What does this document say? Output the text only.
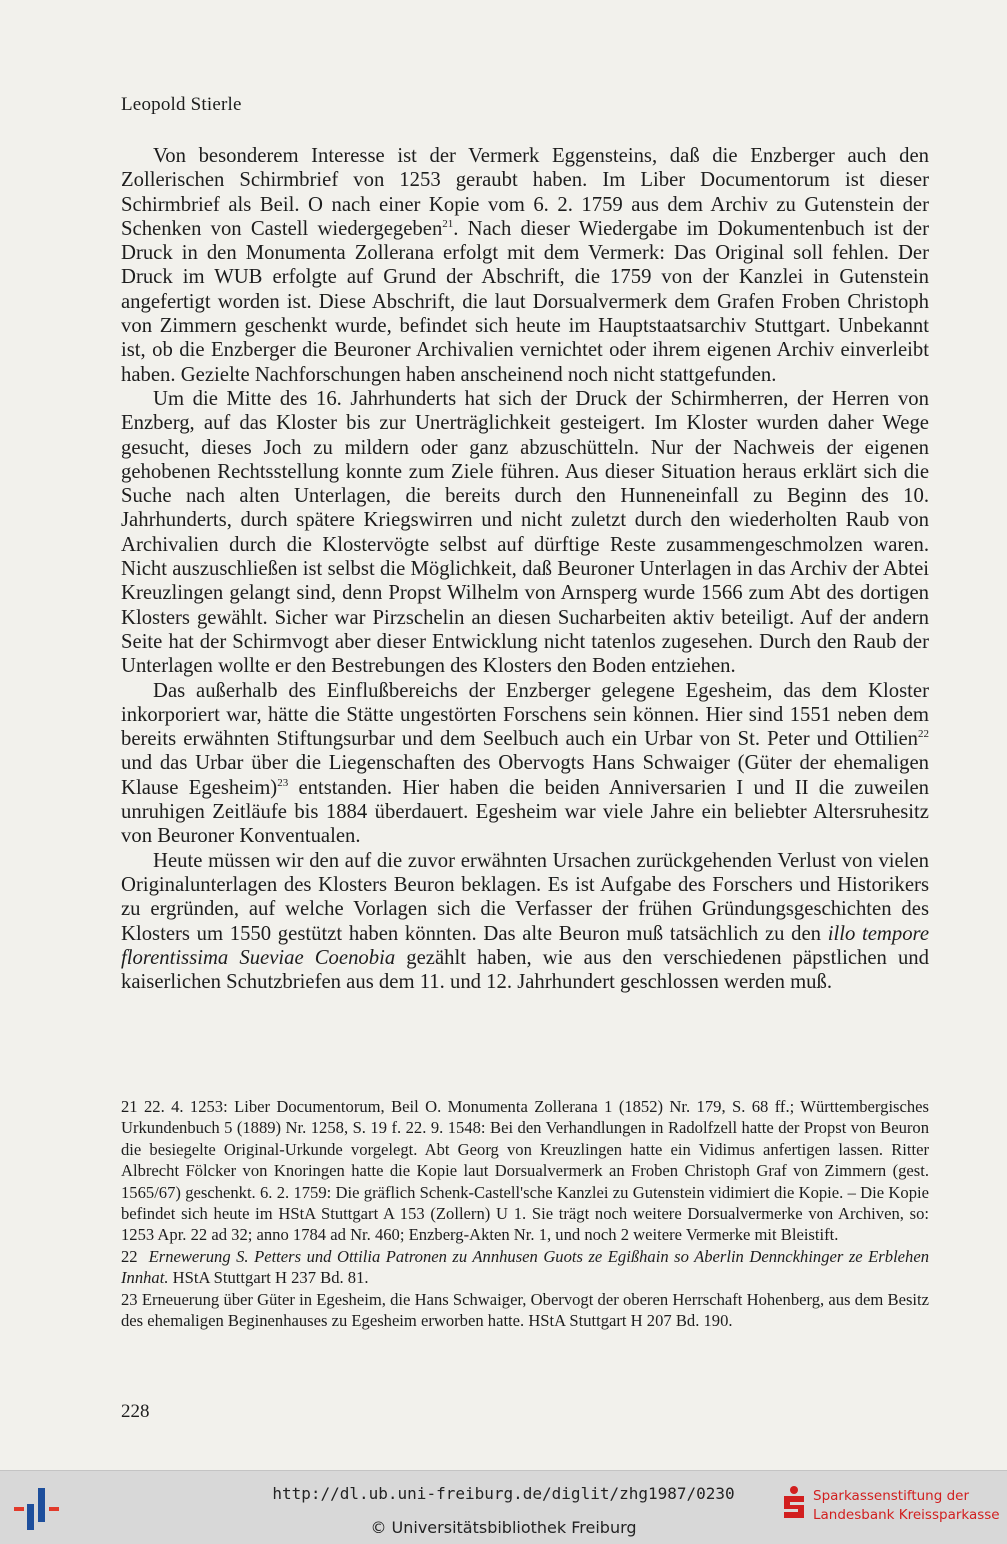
Leopold Stierle

Von besonderem Interesse ist der Vermerk Eggensteins, daß die Enzberger auch den Zollerischen Schirmbrief von 1253 geraubt haben. Im Liber Documentorum ist dieser Schirmbrief als Beil. O nach einer Kopie vom 6. 2. 1759 aus dem Archiv zu Gutenstein der Schenken von Castell wiedergegeben$^{21}$. Nach dieser Wiedergabe im Dokumentenbuch ist der Druck in den Monumenta Zollerana erfolgt mit dem Vermerk: Das Original soll fehlen. Der Druck im WUB erfolgte auf Grund der Abschrift, die 1759 von der Kanzlei in Gutenstein angefertigt worden ist. Diese Abschrift, die laut Dorsualvermerk dem Grafen Froben Christoph von Zimmern geschenkt wurde, befindet sich heute im Hauptstaatsarchiv Stuttgart. Unbekannt ist, ob die Enzberger die Beuroner Archivalien vernichtet oder ihrem eigenen Archiv einverleibt haben. Gezielte Nachforschungen haben anscheinend noch nicht stattgefunden.

Um die Mitte des 16. Jahrhunderts hat sich der Druck der Schirmherren, der Herren von Enzberg, auf das Kloster bis zur Unerträglichkeit gesteigert. Im Kloster wurden daher Wege gesucht, dieses Joch zu mildern oder ganz abzuschütteln. Nur der Nachweis der eigenen gehobenen Rechtsstellung konnte zum Ziele führen. Aus dieser Situation heraus erklärt sich die Suche nach alten Unterlagen, die bereits durch den Hunneneinfall zu Beginn des 10. Jahrhunderts, durch spätere Kriegswirren und nicht zuletzt durch den wiederholten Raub von Archivalien durch die Klostervögte selbst auf dürftige Reste zusammengeschmolzen waren. Nicht auszuschließen ist selbst die Möglichkeit, daß Beuroner Unterlagen in das Archiv der Abtei Kreuzlingen gelangt sind, denn Propst Wilhelm von Arnsperg wurde 1566 zum Abt des dortigen Klosters gewählt. Sicher war Pirzschelin an diesen Sucharbeiten aktiv beteiligt. Auf der andern Seite hat der Schirmvogt aber dieser Entwicklung nicht tatenlos zugesehen. Durch den Raub der Unterlagen wollte er den Bestrebungen des Klosters den Boden entziehen.

Das außerhalb des Einflußbereichs der Enzberger gelegene Egesheim, das dem Kloster inkorporiert war, hätte die Stätte ungestörten Forschens sein können. Hier sind 1551 neben dem bereits erwähnten Stiftungsurbar und dem Seelbuch auch ein Urbar von St. Peter und Ottilien$^{22}$ und das Urbar über die Liegenschaften des Obervogts Hans Schwaiger (Güter der ehemaligen Klause Egesheim)$^{23}$ entstanden. Hier haben die beiden Anniversarien I und II die zuweilen unruhigen Zeitläufe bis 1884 überdauert. Egesheim war viele Jahre ein beliebter Altersruhesitz von Beuroner Konventualen.

Heute müssen wir den auf die zuvor erwähnten Ursachen zurückgehenden Verlust von vielen Originalunterlagen des Klosters Beuron beklagen. Es ist Aufgabe des Forschers und Historikers zu ergründen, auf welche Vorlagen sich die Verfasser der frühen Gründungsgeschichten des Klosters um 1550 gestützt haben könnten. Das alte Beuron muß tatsächlich zu den illo tempore florentissima Sueviae Coenobia gezählt haben, wie aus den verschiedenen päpstlichen und kaiserlichen Schutzbriefen aus dem 11. und 12. Jahrhundert geschlossen werden muß.

21 22. 4. 1253: Liber Documentorum, Beil O. Monumenta Zollerana 1 (1852) Nr. 179, S. 68 ff.; Württembergisches Urkundenbuch 5 (1889) Nr. 1258, S. 19 f. 22. 9. 1548: Bei den Verhandlungen in Radolfzell hatte der Propst von Beuron die besiegelte Original-Urkunde vorgelegt. Abt Georg von Kreuzlingen hatte ein Vidimus anfertigen lassen. Ritter Albrecht Fölcker von Knoringen hatte die Kopie laut Dorsualvermerk an Froben Christoph Graf von Zimmern (gest. 1565/67) geschenkt. 6. 2. 1759: Die gräflich Schenk-Castell'sche Kanzlei zu Gutenstein vidimiert die Kopie. – Die Kopie befindet sich heute im HStA Stuttgart A 153 (Zollern) U 1. Sie trägt noch weitere Dorsualvermerke von Archiven, so: 1253 Apr. 22 ad 32; anno 1784 ad Nr. 460; Enzberg-Akten Nr. 1, und noch 2 weitere Vermerke mit Bleistift.

22 Ernewerung S. Petters und Ottilia Patronen zu Annhusen Guots ze Egißhain so Aberlin Dennckhinger ze Erblehen Innhat. HStA Stuttgart H 237 Bd. 81.

23 Erneuerung über Güter in Egesheim, die Hans Schwaiger, Obervogt der oberen Herrschaft Hohenberg, aus dem Besitz des ehemaligen Beginenhauses zu Egesheim erworben hatte. HStA Stuttgart H 207 Bd. 190.

228
http://dl.ub.uni-freiburg.de/diglit/zhg1987/0230
© Universitätsbibliothek Freiburg
Sparkassenstiftung der
Landesbank Kreissparkasse
